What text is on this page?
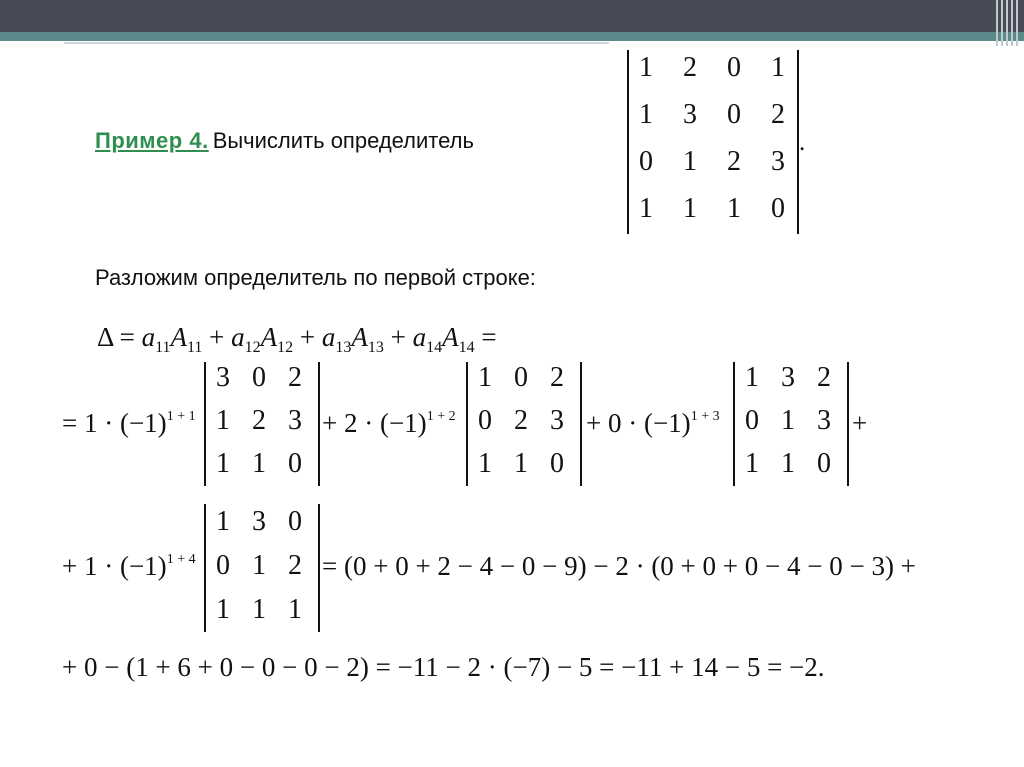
Пример 4. Вычислить определитель
1 2 0 1
1 3 0 2
0 1 2 3
1 1 1 0
.
Разложим определитель по первой строке:
$\Delta = a_{11}A_{11} + a_{12}A_{12} + a_{13}A_{13} + a_{14}A_{14}$ =
= $1 \cdot (-1)^{1 + 1}$
3 0 2
1 2 3
1 1 0
+ $2 \cdot (-1)^{1 + 2}$
1 0 2
0 2 3
1 1 0
+ $0 \cdot (-1)^{1 + 3}$
1 3 2
0 1 3
1 1 0
+
+ $1 \cdot (-1)^{1 + 4}$
1 3 0
0 1 2
1 1 1
= (0 + 0 + 2 − 4 − 0 − 9) − 2 · (0 + 0 + 0 − 4 − 0 − 3) +
+ 0 − (1 + 6 + 0 − 0 − 0 − 2) = −11 − 2 · (−7) − 5 = −11 + 14 − 5 = −2.
